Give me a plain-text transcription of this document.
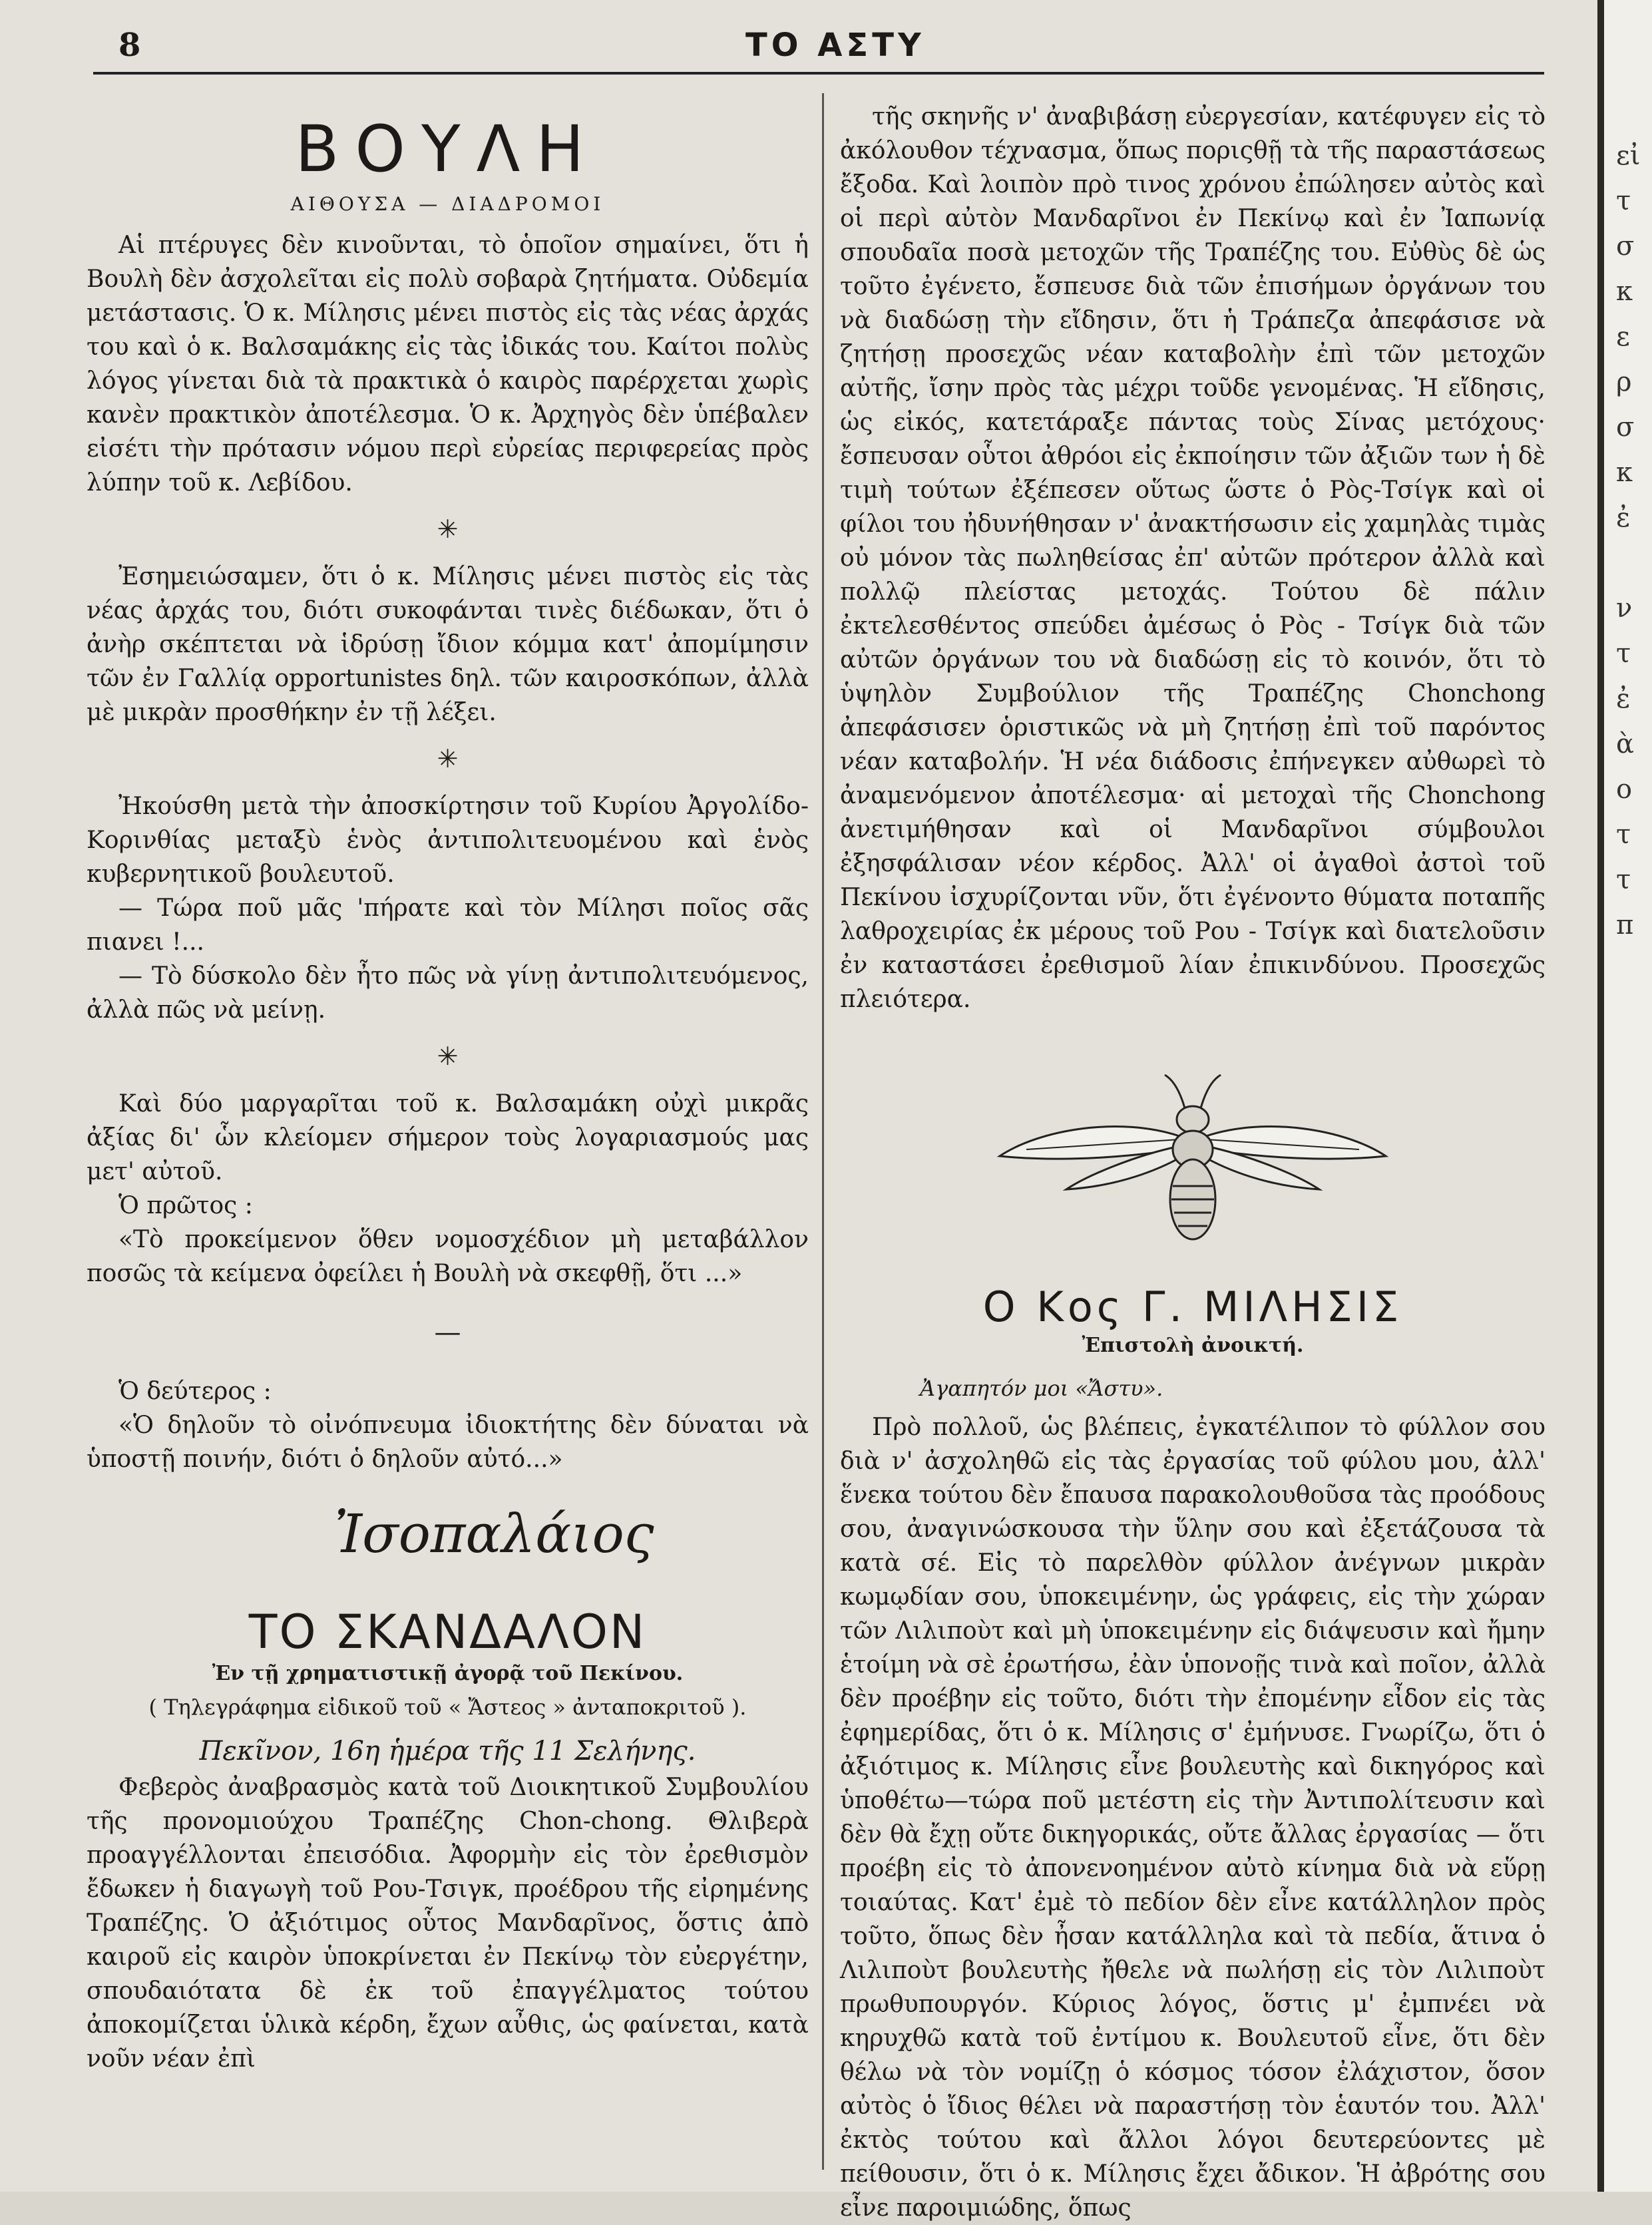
8	ΤΟ ΑΣΤΥ
ΒΟΥΛΗ
ΑΙΘΟΥΣΑ — ΔΙΑΔΡΟΜΟΙ

Αἱ πτέρυγες δὲν κινοῦνται, τὸ ὁποῖον σημαίνει, ὅτι ἡ Βουλὴ δὲν ἀσχολεῖται εἰς πολὺ σοβαρὰ ζητήματα. Οὐδεμία μετάστασις. Ὁ κ. Μίλησις μένει πιστὸς εἰς τὰς νέας ἀρχάς του καὶ ὁ κ. Βαλσαμάκης εἰς τὰς ἰδικάς του. Καίτοι πολὺς λόγος γίνεται διὰ τὰ πρακτικὰ ὁ καιρὸς παρέρχεται χωρὶς κανὲν πρακτικὸν ἀποτέλεσμα. Ὁ κ. Ἀρχηγὸς δὲν ὑπέβαλεν εἰσέτι τὴν πρότασιν νόμου περὶ εὐρείας περιφερείας πρὸς λύπην τοῦ κ. Λεβίδου.

✳

Ἐσημειώσαμεν, ὅτι ὁ κ. Μίλησις μένει πιστὸς εἰς τὰς νέας ἀρχάς του, διότι συκοφάνται τινὲς διέδωκαν, ὅτι ὁ ἀνὴρ σκέπτεται νὰ ἱδρύσῃ ἴδιον κόμμα κατ' ἀπομίμησιν τῶν ἐν Γαλλίᾳ opportunistes δηλ. τῶν καιροσκόπων, ἀλλὰ μὲ μικρὰν προσθήκην ἐν τῇ λέξει.

✳

Ἠκούσθη μετὰ τὴν ἀποσκίρτησιν τοῦ Κυρίου Ἀργολίδο-Κορινθίας μεταξὺ ἑνὸς ἀντιπολιτευομένου καὶ ἑνὸς κυβερνητικοῦ βουλευτοῦ.

— Τώρα ποῦ μᾶς 'πήρατε καὶ τὸν Μίλησι ποῖος σᾶς πιανει !...

— Τὸ δύσκολο δὲν ἦτο πῶς νὰ γίνῃ ἀντιπολιτευόμενος, ἀλλὰ πῶς νὰ μείνῃ.

✳

Καὶ δύο μαργαρῖται τοῦ κ. Βαλσαμάκη οὐχὶ μικρᾶς ἀξίας δι' ὧν κλείομεν σήμερον τοὺς λογαριασμούς μας μετ' αὐτοῦ.

Ὁ πρῶτος :

«Τὸ προκείμενον ὅθεν νομοσχέδιον μὴ μεταβάλλον ποσῶς τὰ κείμενα ὀφείλει ἡ Βουλὴ νὰ σκεφθῇ, ὅτι ...»

—

Ὁ δεύτερος :

«Ὁ δηλοῦν τὸ οἰνόπνευμα ἰδιοκτήτης δὲν δύναται νὰ ὑποστῇ ποινήν, διότι ὁ δηλοῦν αὐτό...»

Ἰσοπαλάιος
ΤΟ ΣΚΑΝΔΑΛΟΝ
Ἐν τῇ χρηματιστικῇ ἀγορᾷ τοῦ Πεκίνου.
( Τηλεγράφημα εἰδικοῦ τοῦ « Ἄστεος » ἀνταποκριτοῦ ).
Πεκῖνον, 16η ἡμέρα τῆς 11 Σελήνης.

Φεβερὸς ἀναβρασμὸς κατὰ τοῦ Διοικητικοῦ Συμβουλίου τῆς προνομιούχου Τραπέζης Chon-chong. Θλιβερὰ προαγγέλλονται ἐπεισόδια. Ἀφορμὴν εἰς τὸν ἐρεθισμὸν ἔδωκεν ἡ διαγωγὴ τοῦ Ρου-Τσιγκ, προέδρου τῆς εἰρημένης Τραπέζης. Ὁ ἀξιότιμος οὗτος Μανδαρῖνος, ὅστις ἀπὸ καιροῦ εἰς καιρὸν ὑποκρίνεται ἐν Πεκίνῳ τὸν εὐεργέτην, σπουδαιότατα δὲ ἐκ τοῦ ἐπαγγέλματος τούτου ἀποκομίζεται ὑλικὰ κέρδη, ἔχων αὖθις, ὡς φαίνεται, κατὰ νοῦν νέαν ἐπὶ

τῆς σκηνῆς ν' ἀναβιβάσῃ εὐεργεσίαν, κατέφυγεν εἰς τὸ ἀκόλουθον τέχνασμα, ὅπως ποριςθῇ τὰ τῆς παραστάσεως ἔξοδα. Καὶ λοιπὸν πρὸ τινος χρόνου ἐπώλησεν αὐτὸς καὶ οἱ περὶ αὐτὸν Μανδαρῖνοι ἐν Πεκίνῳ καὶ ἐν Ἰαπωνίᾳ σπουδαῖα ποσὰ μετοχῶν τῆς Τραπέζης του. Εὐθὺς δὲ ὡς τοῦτο ἐγένετο, ἔσπευσε διὰ τῶν ἐπισήμων ὀργάνων του νὰ διαδώσῃ τὴν εἴδησιν, ὅτι ἡ Τράπεζα ἀπεφάσισε νὰ ζητήσῃ προσεχῶς νέαν καταβολὴν ἐπὶ τῶν μετοχῶν αὐτῆς, ἴσην πρὸς τὰς μέχρι τοῦδε γενομένας. Ἡ εἴδησις, ὡς εἰκός, κατετάραξε πάντας τοὺς Σίνας μετόχους· ἔσπευσαν οὗτοι ἀθρόοι εἰς ἐκποίησιν τῶν ἀξιῶν των ἡ δὲ τιμὴ τούτων ἐξέπεσεν οὕτως ὥστε ὁ Ρὸς-Τσίγκ καὶ οἱ φίλοι του ἠδυνήθησαν ν' ἀνακτήσωσιν εἰς χαμηλὰς τιμὰς οὐ μόνον τὰς πωληθείσας ἐπ' αὐτῶν πρότερον ἀλλὰ καὶ πολλῷ πλείστας μετοχάς. Τούτου δὲ πάλιν ἐκτελεσθέντος σπεύδει ἀμέσως ὁ Ρὸς - Τσίγκ διὰ τῶν αὐτῶν ὀργάνων του νὰ διαδώσῃ εἰς τὸ κοινόν, ὅτι τὸ ὑψηλὸν Συμβούλιον τῆς Τραπέζης Chonchong ἀπεφάσισεν ὁριστικῶς νὰ μὴ ζητήσῃ ἐπὶ τοῦ παρόντος νέαν καταβολήν. Ἡ νέα διάδοσις ἐπήνεγκεν αὐθωρεὶ τὸ ἀναμενόμενον ἀποτέλεσμα· αἱ μετοχαὶ τῆς Chonchong ἀνετιμήθησαν καὶ οἱ Μανδαρῖνοι σύμβουλοι ἐξησφάλισαν νέον κέρδος. Ἀλλ' οἱ ἀγαθοὶ ἀστοὶ τοῦ Πεκίνου ἰσχυρίζονται νῦν, ὅτι ἐγένοντο θύματα ποταπῆς λαθροχειρίας ἐκ μέρους τοῦ Ρου - Τσίγκ καὶ διατελοῦσιν ἐν καταστάσει ἐρεθισμοῦ λίαν ἐπικινδύνου. Προσεχῶς πλειότερα.

Ο Κος Γ. ΜΙΛΗΣΙΣ
Ἐπιστολὴ ἀνοικτή.
Ἀγαπητόν μοι «Ἄστυ».

Πρὸ πολλοῦ, ὡς βλέπεις, ἐγκατέλιπον τὸ φύλλον σου διὰ ν' ἀσχοληθῶ εἰς τὰς ἐργασίας τοῦ φύλου μου, ἀλλ' ἕνεκα τούτου δὲν ἔπαυσα παρακολουθοῦσα τὰς προόδους σου, ἀναγινώσκουσα τὴν ὕλην σου καὶ ἐξετάζουσα τὰ κατὰ σέ. Εἰς τὸ παρελθὸν φύλλον ἀνέγνων μικρὰν κωμῳδίαν σου, ὑποκειμένην, ὡς γράφεις, εἰς τὴν χώραν τῶν Λιλιποὺτ καὶ μὴ ὑποκειμένην εἰς διάψευσιν καὶ ἤμην ἑτοίμη νὰ σὲ ἐρωτήσω, ἐὰν ὑπονοῇς τινὰ καὶ ποῖον, ἀλλὰ δὲν προέβην εἰς τοῦτο, διότι τὴν ἐπομένην εἶδον εἰς τὰς ἐφημερίδας, ὅτι ὁ κ. Μίλησις σ' ἐμήνυσε. Γνωρίζω, ὅτι ὁ ἀξιότιμος κ. Μίλησις εἶνε βουλευτὴς καὶ δικηγόρος καὶ ὑποθέτω—τώρα ποῦ μετέστη εἰς τὴν Ἀντιπολίτευσιν καὶ δὲν θὰ ἔχῃ οὔτε δικηγορικάς, οὔτε ἄλλας ἐργασίας — ὅτι προέβη εἰς τὸ ἀπονενοημένον αὐτὸ κίνημα διὰ νὰ εὕρῃ τοιαύτας. Κατ' ἐμὲ τὸ πεδίον δὲν εἶνε κατάλληλον πρὸς τοῦτο, ὅπως δὲν ἦσαν κατάλληλα καὶ τὰ πεδία, ἅτινα ὁ Λιλιποὺτ βουλευτὴς ἤθελε νὰ πωλήσῃ εἰς τὸν Λιλιποὺτ πρωθυπουργόν. Κύριος λόγος, ὅστις μ' ἐμπνέει νὰ κηρυχθῶ κατὰ τοῦ ἐντίμου κ. Βουλευτοῦ εἶνε, ὅτι δὲν θέλω νὰ τὸν νομίζῃ ὁ κόσμος τόσον ἐλάχιστον, ὅσον αὐτὸς ὁ ἴδιος θέλει νὰ παραστήσῃ τὸν ἑαυτόν του. Ἀλλ' ἐκτὸς τούτου καὶ ἄλλοι λόγοι δευτερεύοντες μὲ πείθουσιν, ὅτι ὁ κ. Μίλησις ἔχει ἄδικον. Ἡ ἀβρότης σου εἶνε παροιμιώδης, ὅπως

εἰ
τ
σ
κ
ε
ρ
σ
κ
ἐ

ν
τ
ἐ
ὰ
ο
τ
τ
π
